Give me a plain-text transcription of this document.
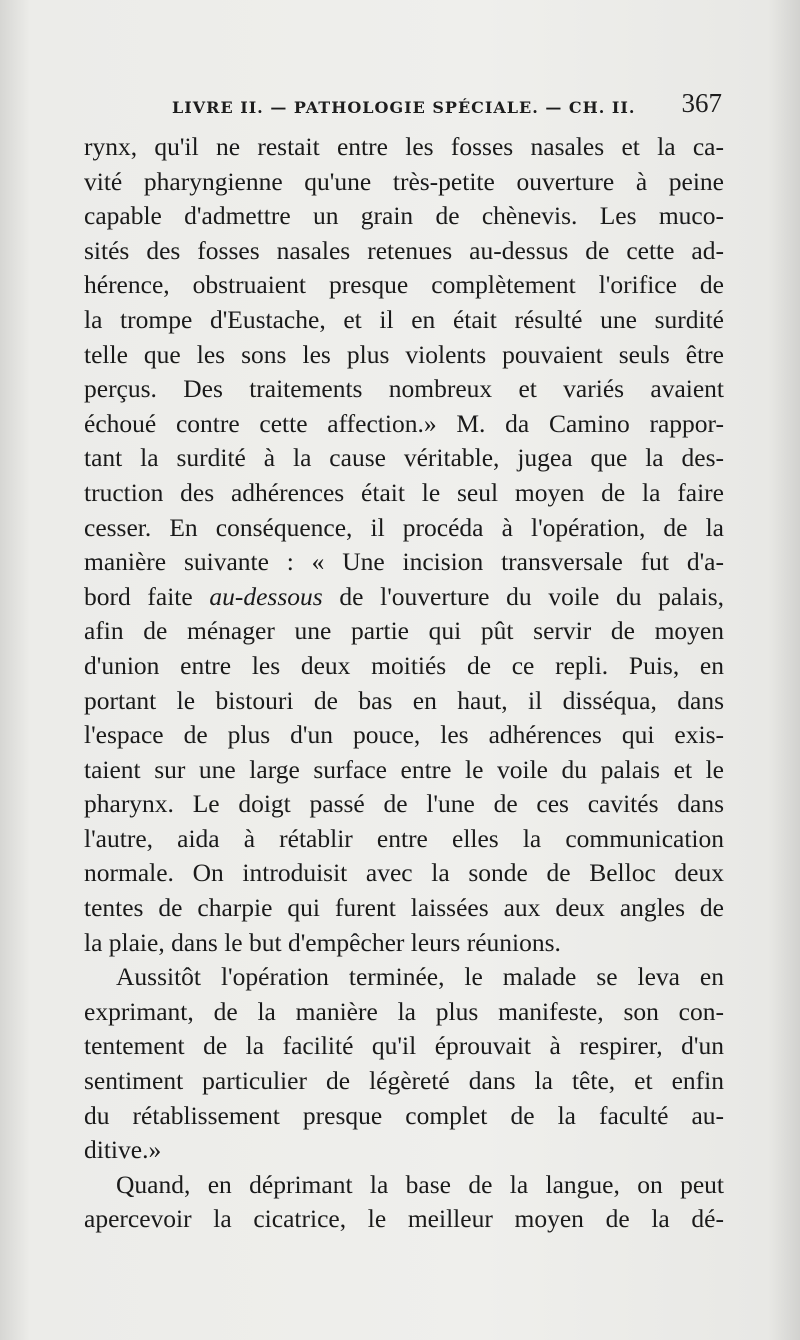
LIVRE II. — PATHOLOGIE SPÉCIALE. — CH. II. 367
rynx, qu'il ne restait entre les fosses nasales et la ca-
vité pharyngienne qu'une très-petite ouverture à peine
capable d'admettre un grain de chènevis. Les muco-
sités des fosses nasales retenues au-dessus de cette ad-
hérence, obstruaient presque complètement l'orifice de
la trompe d'Eustache, et il en était résulté une surdité
telle que les sons les plus violents pouvaient seuls être
perçus. Des traitements nombreux et variés avaient
échoué contre cette affection.» M. da Camino rappor-
tant la surdité à la cause véritable, jugea que la des-
truction des adhérences était le seul moyen de la faire
cesser. En conséquence, il procéda à l'opération, de la
manière suivante : « Une incision transversale fut d'a-
bord faite au-dessous de l'ouverture du voile du palais,
afin de ménager une partie qui pût servir de moyen
d'union entre les deux moitiés de ce repli. Puis, en
portant le bistouri de bas en haut, il disséqua, dans
l'espace de plus d'un pouce, les adhérences qui exis-
taient sur une large surface entre le voile du palais et le
pharynx. Le doigt passé de l'une de ces cavités dans
l'autre, aida à rétablir entre elles la communication
normale. On introduisit avec la sonde de Belloc deux
tentes de charpie qui furent laissées aux deux angles de
la plaie, dans le but d'empêcher leurs réunions.
Aussitôt l'opération terminée, le malade se leva en
exprimant, de la manière la plus manifeste, son con-
tentement de la facilité qu'il éprouvait à respirer, d'un
sentiment particulier de légèreté dans la tête, et enfin
du rétablissement presque complet de la faculté au-
ditive.»
Quand, en déprimant la base de la langue, on peut
apercevoir la cicatrice, le meilleur moyen de la dé-
